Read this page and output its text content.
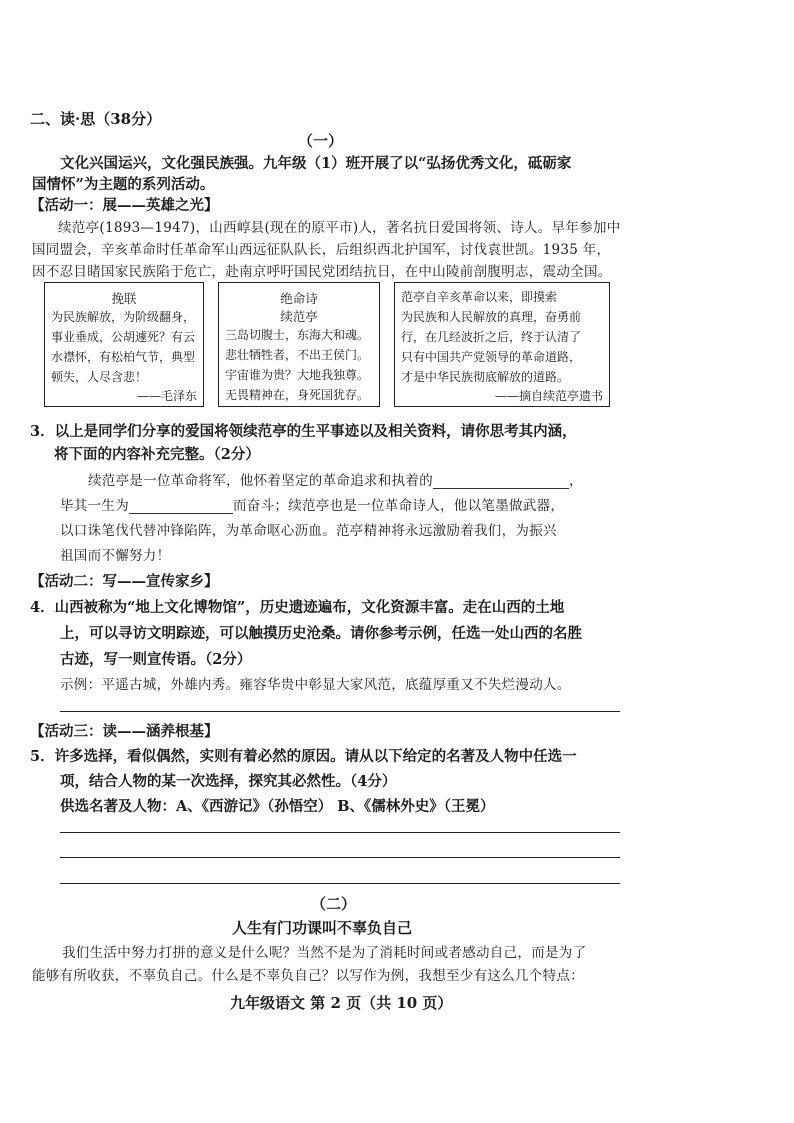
二、读·思（38分）
（一）
文化兴国运兴，文化强民族强。九年级（1）班开展了以“弘扬优秀文化，砥砺家
国情怀”为主题的系列活动。
【活动一：展——英雄之光】
续范亭(1893—1947)，山西崞县(现在的原平市)人，著名抗日爱国将领、诗人。早年参加中
国同盟会，辛亥革命时任革命军山西远征队队长，后组织西北护国军，讨伐袁世凯。1935 年，
因不忍目睹国家民族陷于危亡，赴南京呼吁国民党团结抗日，在中山陵前剖腹明志，震动全国。
挽联
为民族解放，为阶级翻身，
事业垂成，公胡遽死？有云
水襟怀，有松柏气节，典型
顿失，人尽含悲！
——毛泽东
绝命诗
续范亭
三岛切腹士，东海大和魂。
悲壮牺牲者，不出王侯门。
宇宙谁为贵？大地我独尊。
无畏精神在，身死国犹存。
范亭自辛亥革命以来，即摸索
为民族和人民解放的真理，奋勇前
行，在几经波折之后，终于认清了
只有中国共产党领导的革命道路，
才是中华民族彻底解放的道路。
——摘自续范亭遗书
3．以上是同学们分享的爱国将领续范亭的生平事迹以及相关资料，请你思考其内涵，
将下面的内容补充完整。（2分）
续范亭是一位革命将军，他怀着坚定的革命追求和执着的	，
毕其一生为	而奋斗；续范亭也是一位革命诗人，他以笔墨做武器，
以口诛笔伐代替冲锋陷阵，为革命呕心沥血。范亭精神将永远激励着我们，为振兴
祖国而不懈努力！
【活动二：写——宣传家乡】
4．山西被称为“地上文化博物馆”，历史遗迹遍布，文化资源丰富。走在山西的土地
上，可以寻访文明踪迹，可以触摸历史沧桑。请你参考示例，任选一处山西的名胜
古迹，写一则宣传语。（2分）
示例：平遥古城，外雄内秀。雍容华贵中彰显大家风范，底蕴厚重又不失烂漫动人。
【活动三：读——涵养根基】
5．许多选择，看似偶然，实则有着必然的原因。请从以下给定的名著及人物中任选一
项，结合人物的某一次选择，探究其必然性。（4分）
供选名著及人物：A、《西游记》（孙悟空） B、《儒林外史》（王冕）
（二）
人生有门功课叫不辜负自己
我们生活中努力打拼的意义是什么呢？当然不是为了消耗时间或者感动自己，而是为了
能够有所收获，不辜负自己。什么是不辜负自己？以写作为例，我想至少有这么几个特点：
九年级语文 第 2 页（共 10 页）
